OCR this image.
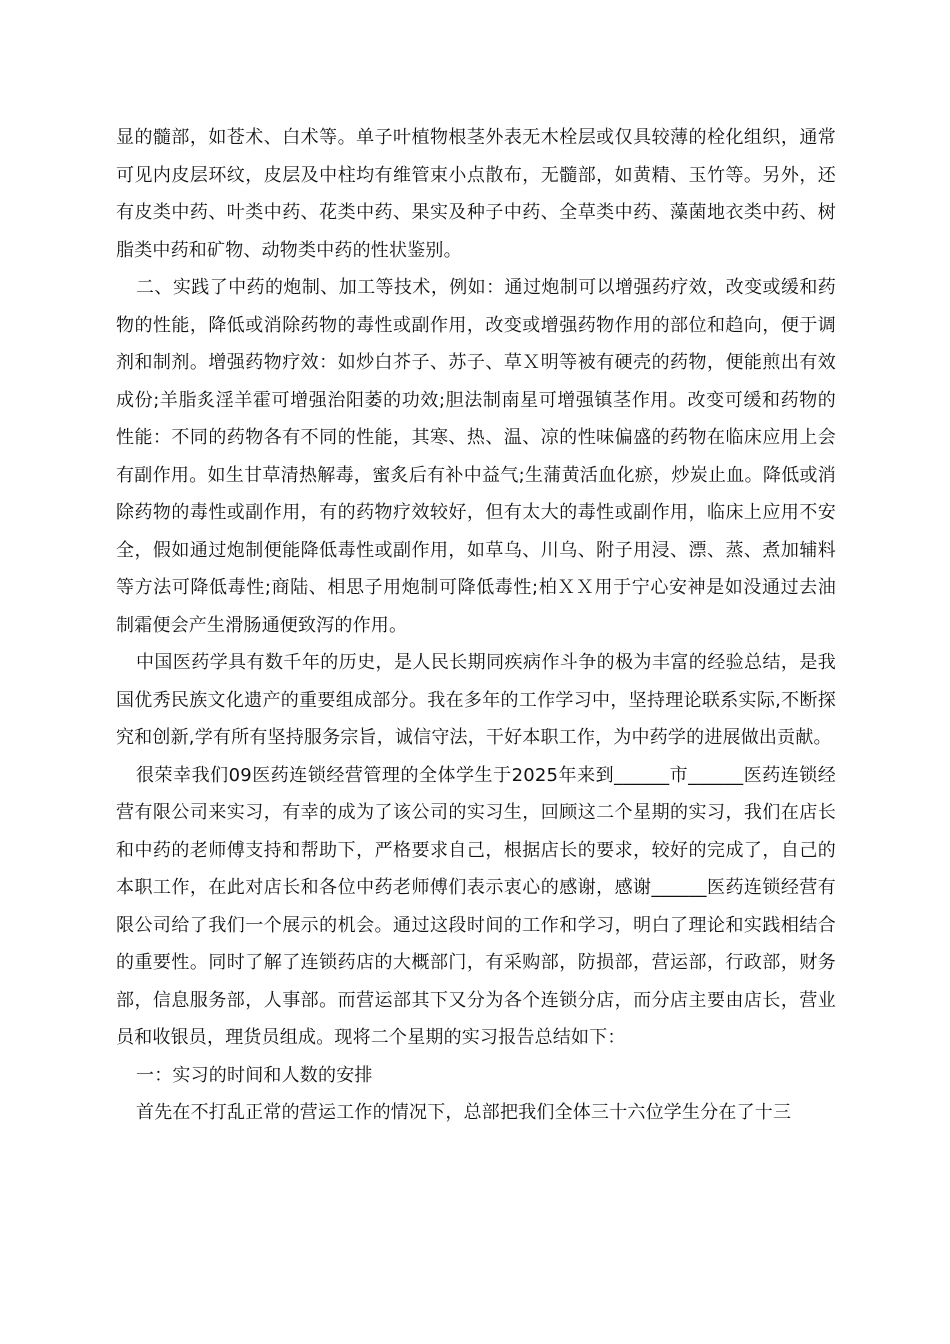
显的髓部，如苍术、白术等。单子叶植物根茎外表无木栓层或仅具较薄的栓化组织，通常可见内皮层环纹，皮层及中柱均有维管束小点散布，无髓部，如黄精、玉竹等。另外，还有皮类中药、叶类中药、花类中药、果实及种子中药、全草类中药、藻菌地衣类中药、树脂类中药和矿物、动物类中药的性状鉴别。

二、实践了中药的炮制、加工等技术，例如：通过炮制可以增强药疗效，改变或缓和药物的性能，降低或消除药物的毒性或副作用，改变或增强药物作用的部位和趋向，便于调剂和制剂。增强药物疗效：如炒白芥子、苏子、草Ｘ明等被有硬壳的药物，便能煎出有效成份;羊脂炙淫羊霍可增强治阳萎的功效;胆法制南星可增强镇茎作用。改变可缓和药物的性能：不同的药物各有不同的性能，其寒、热、温、凉的性味偏盛的药物在临床应用上会有副作用。如生甘草清热解毒，蜜炙后有补中益气;生蒲黄活血化瘀，炒炭止血。降低或消除药物的毒性或副作用，有的药物疗效较好，但有太大的毒性或副作用，临床上应用不安全，假如通过炮制便能降低毒性或副作用，如草乌、川乌、附子用浸、漂、蒸、煮加辅料等方法可降低毒性;商陆、相思子用炮制可降低毒性;柏ＸＸ用于宁心安神是如没通过去油制霜便会产生滑肠通便致泻的作用。

中国医药学具有数千年的历史，是人民长期同疾病作斗争的极为丰富的经验总结，是我国优秀民族文化遗产的重要组成部分。我在多年的工作学习中，坚持理论联系实际,不断探究和创新,学有所有坚持服务宗旨，诚信守法，干好本职工作，为中药学的进展做出贡献。

很荣幸我们09医药连锁经营管理的全体学生于2025年来到______市______医药连锁经营有限公司来实习，有幸的成为了该公司的实习生，回顾这二个星期的实习，我们在店长和中药的老师傅支持和帮助下，严格要求自己，根据店长的要求，较好的完成了，自己的本职工作，在此对店长和各位中药老师傅们表示衷心的感谢，感谢______医药连锁经营有限公司给了我们一个展示的机会。通过这段时间的工作和学习，明白了理论和实践相结合的重要性。同时了解了连锁药店的大概部门，有采购部，防损部，营运部，行政部，财务部，信息服务部，人事部。而营运部其下又分为各个连锁分店，而分店主要由店长，营业员和收银员，理货员组成。现将二个星期的实习报告总结如下：

一：实习的时间和人数的安排

首先在不打乱正常的营运工作的情况下，总部把我们全体三十六位学生分在了十三
